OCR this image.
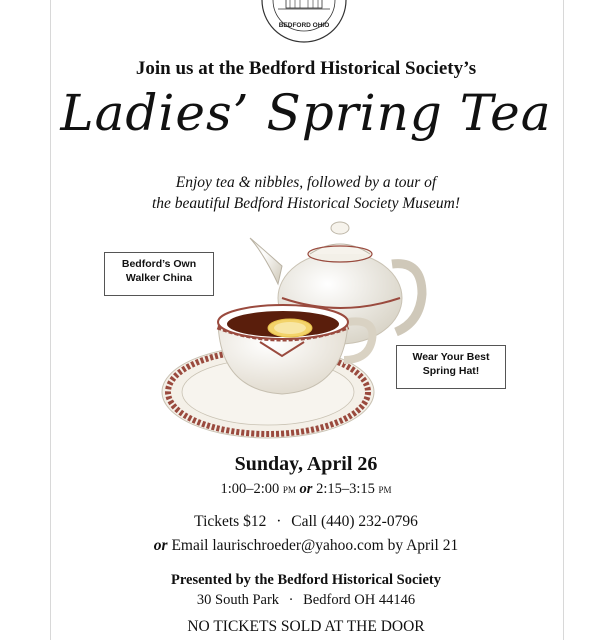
BEDFORD OHIO
Join us at the Bedford Historical Society’s
Ladies’ Spring Tea
Enjoy tea & nibbles, followed by a tour of
the beautiful Bedford Historical Society Museum!
Bedford’s Own
Walker China
Wear Your Best
Spring Hat!
Sunday, April 26
1:00–2:00 pm or 2:15–3:15 pm
Tickets $12 · Call (440) 232-0796
or Email laurischroeder@yahoo.com by April 21
Presented by the Bedford Historical Society
30 South Park · Bedford OH 44146
NO TICKETS SOLD AT THE DOOR
